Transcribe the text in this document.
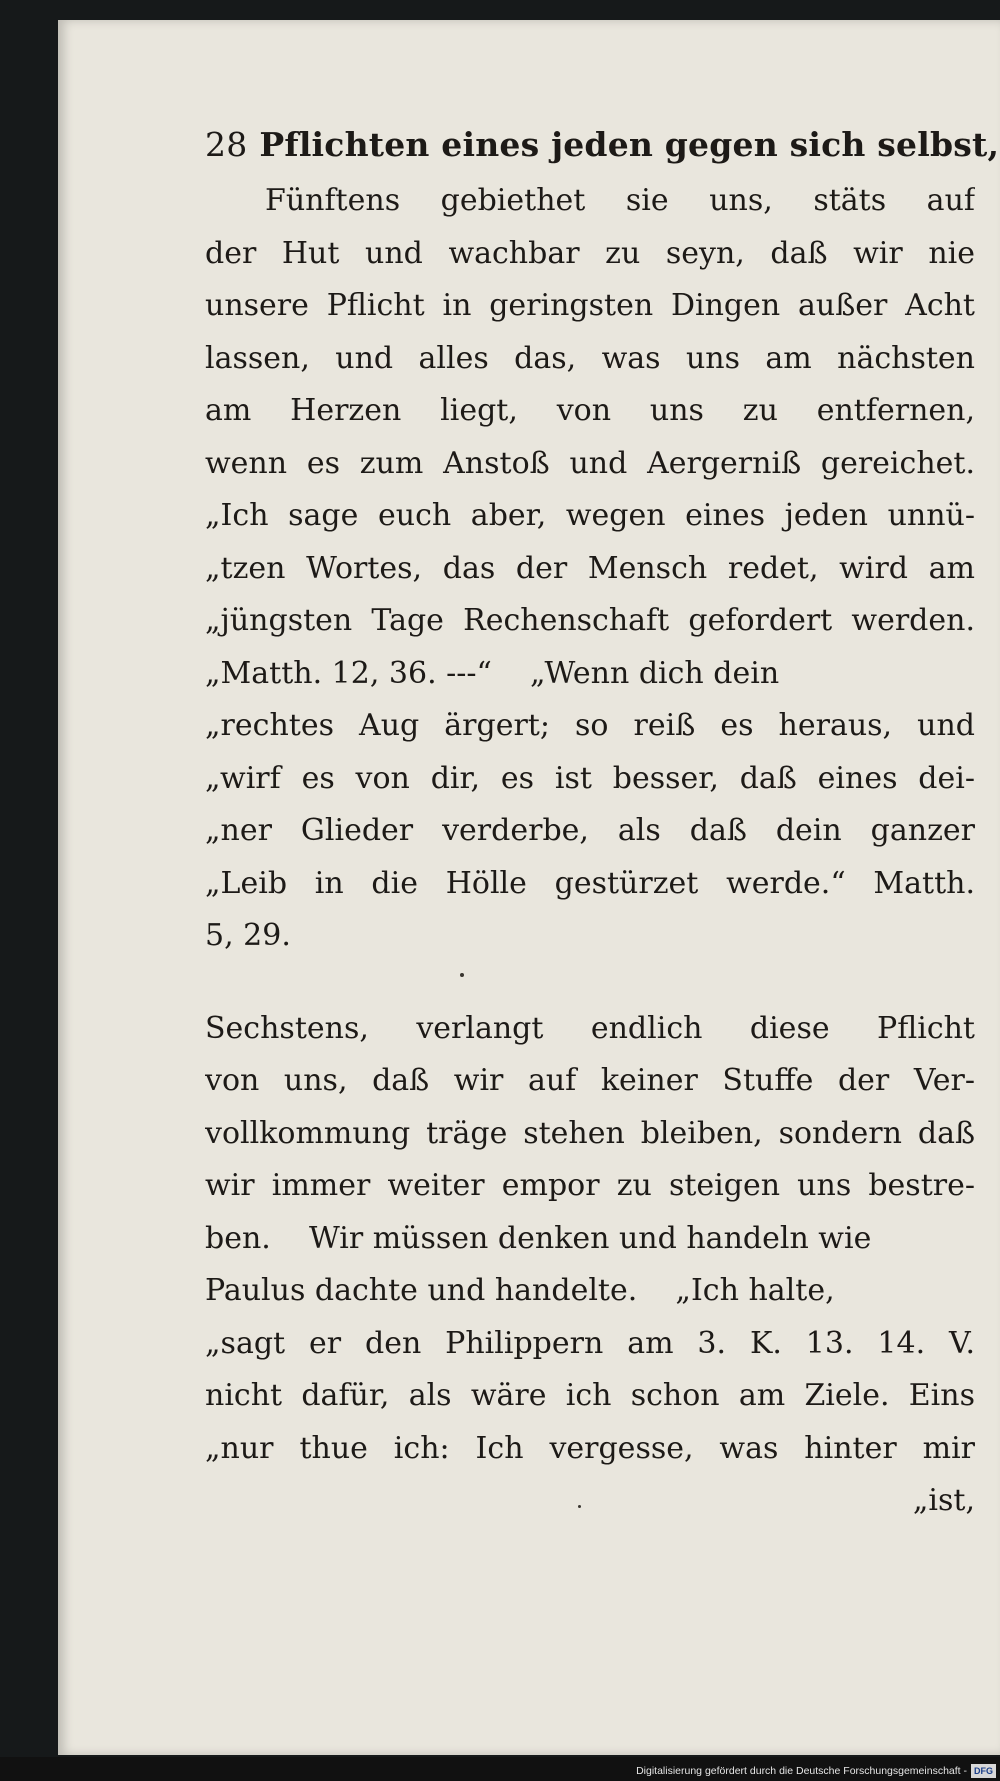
28 Pflichten eines jeden gegen sich selbst,
Fünftens gebiethet sie uns, stäts auf
der Hut und wachbar zu seyn, daß wir nie
unsere Pflicht in geringsten Dingen außer Acht
lassen, und alles das, was uns am nächsten
am Herzen liegt, von uns zu entfernen,
wenn es zum Anstoß und Aergerniß gereichet.
„Ich sage euch aber, wegen eines jeden unnü-
„tzen Wortes, das der Mensch redet, wird am
„jüngsten Tage Rechenschaft gefordert werden.
„Matth. 12, 36. ---“    „Wenn dich dein
„rechtes Aug ärgert; so reiß es heraus, und
„wirf es von dir, es ist besser, daß eines dei-
„ner Glieder verderbe, als daß dein ganzer
„Leib in die Hölle gestürzet werde.“ Matth.
5, 29.
Sechstens, verlangt endlich diese Pflicht
von uns, daß wir auf keiner Stuffe der Ver-
vollkommung träge stehen bleiben, sondern daß
wir immer weiter empor zu steigen uns bestre-
ben.    Wir müssen denken und handeln wie
Paulus dachte und handelte.    „Ich halte,
„sagt er den Philippern am 3. K. 13. 14. V.
nicht dafür, als wäre ich schon am Ziele. Eins
„nur thue ich: Ich vergesse, was hinter mir
„ist,
Digitalisierung gefördert durch die Deutsche Forschungsgemeinschaft - DFG
